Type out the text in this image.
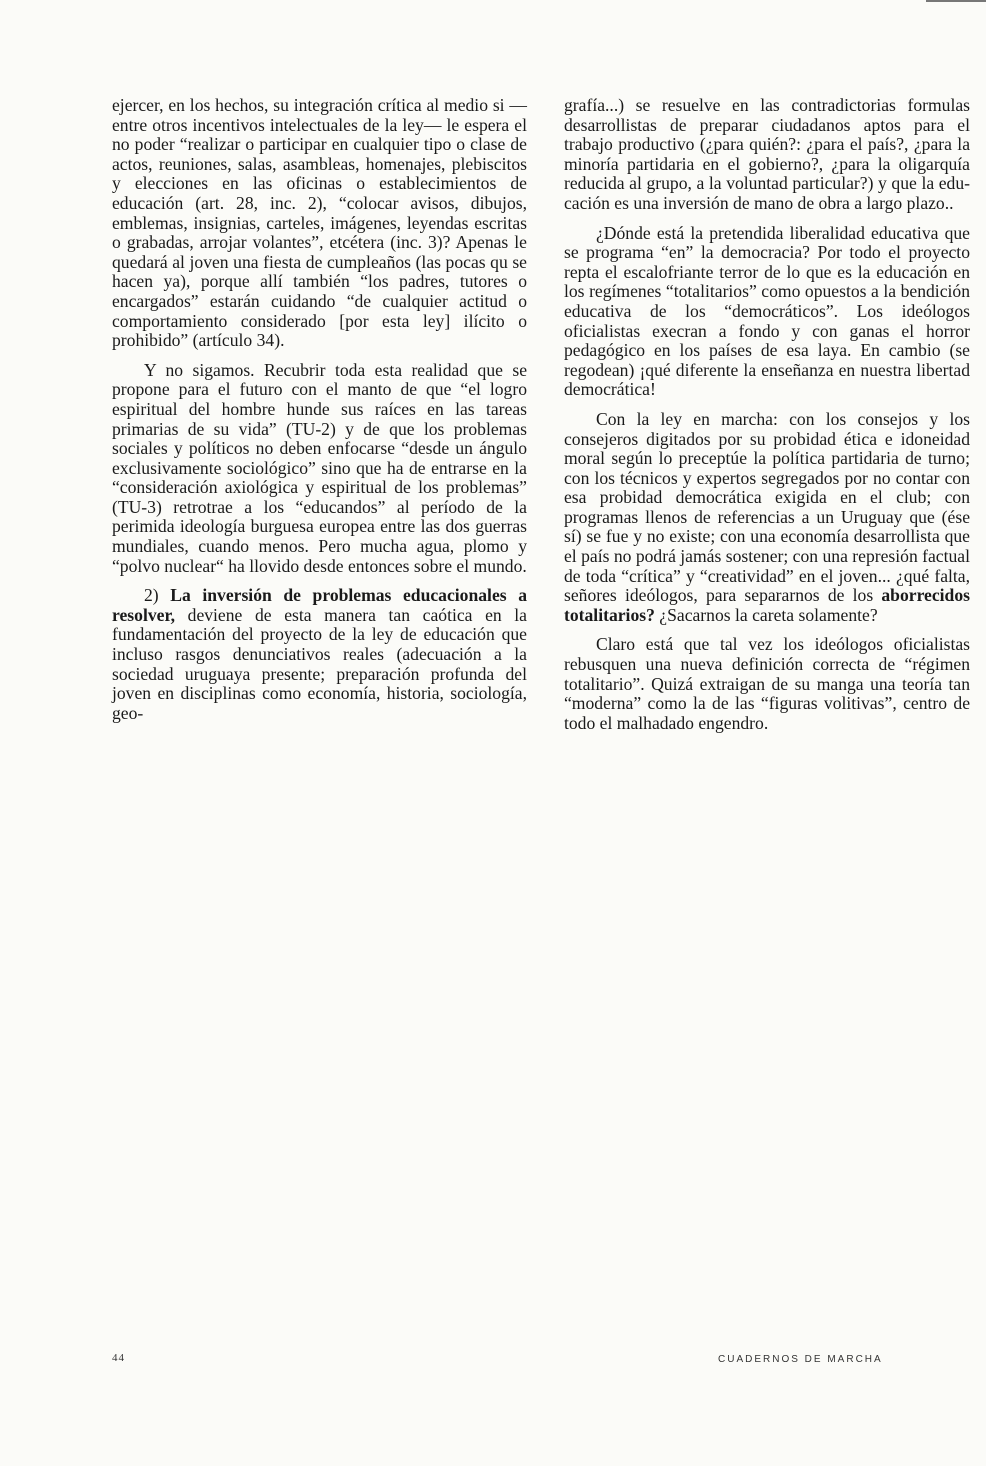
ejercer, en los hechos, su integración crítica al medio si —entre otros incentivos intelectuales de la ley— le espera el no poder “realizar o participar en cualquier tipo o clase de actos, reuniones, salas, asambleas, homenajes, plebiscitos y elecciones en las oficinas o establecimientos de educación (art. 28, inc. 2), “colocar avisos, dibujos, emblemas, insignias, carteles, imágenes, leyendas escritas o grabadas, arrojar volantes”, etcétera (inc. 3)? Apenas le quedará al joven una fiesta de cumpleaños (las pocas qu se hacen ya), porque allí también “los padres, tutores o encargados” estarán cuidando “de cualquier actitud o comportamiento considerado [por esta ley] ilícito o prohibido” (artículo 34).

Y no sigamos. Recubrir toda esta realidad que se propone para el futuro con el manto de que “el logro espiritual del hombre hunde sus raíces en las tareas primarias de su vida” (TU-2) y de que los problemas sociales y políticos no deben enfocarse “desde un ángulo exclusivamente sociológico” sino que ha de entrarse en la “consideración axiológica y espiritual de los problemas” (TU-3) retrotrae a los “educandos” al período de la perimida ideología burguesa europea entre las dos guerras mundiales, cuando menos. Pero mucha agua, plomo y “polvo nuclear“ ha llovido desde entonces sobre el mundo.

2) La inversión de problemas educacionales a resolver, deviene de esta manera tan caótica en la fundamentación del proyecto de la ley de educación que incluso rasgos denunciativos reales (adecuación a la sociedad uruguaya presente; preparación profunda del joven en disciplinas como economía, historia, sociología, geo-

grafía...) se resuelve en las contradictorias formulas desarrollistas de preparar ciudadanos aptos para el trabajo productivo (¿para quién?: ¿para el país?, ¿para la minoría partidaria en el gobierno?, ¿para la oligarquía reducida al grupo, a la voluntad particular?) y que la educación es una inversión de mano de obra a largo plazo..

¿Dónde está la pretendida liberalidad educativa que se programa “en” la democracia? Por todo el proyecto repta el escalofriante terror de lo que es la educación en los regímenes “totalitarios” como opuestos a la bendición educativa de los “democráticos”. Los ideólogos oficialistas execran a fondo y con ganas el horror pedagógico en los países de esa laya. En cambio (se regodean) ¡qué diferente la enseñanza en nuestra libertad democrática!

Con la ley en marcha: con los consejos y los consejeros digitados por su probidad ética e idoneidad moral según lo preceptúe la política partidaria de turno; con los técnicos y expertos segregados por no contar con esa probidad democrática exigida en el club; con programas llenos de referencias a un Uruguay que (ése sí) se fue y no existe; con una economía desarrollista que el país no podrá jamás sostener; con una represión factual de toda “crítica” y “creatividad” en el joven... ¿qué falta, señores ideólogos, para separarnos de los aborrecidos totalitarios? ¿Sacarnos la careta solamente?

Claro está que tal vez los ideólogos oficialistas rebusquen una nueva definición correcta de “régimen totalitario”. Quizá extraigan de su manga una teoría tan “moderna” como la de las “figuras volitivas”, centro de todo el malhadado engendro.

44	CUADERNOS DE MARCHA
